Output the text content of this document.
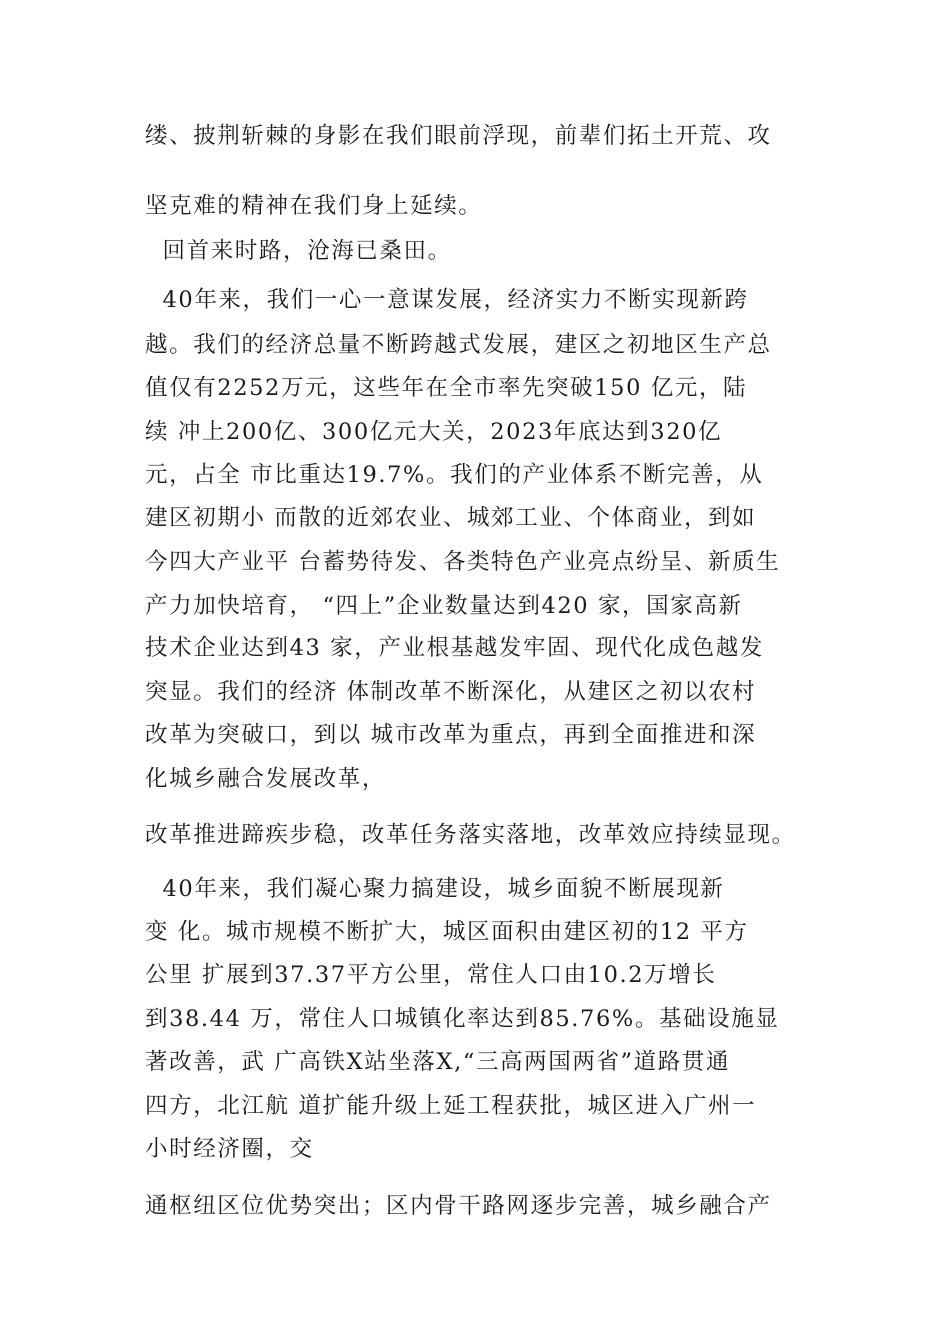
缕、披荆斩棘的身影在我们眼前浮现，前辈们拓土开荒、攻

坚克难的精神在我们身上延续。

回首来时路，沧海已桑田。

40年来，我们一心一意谋发展，经济实力不断实现新跨

越。我们的经济总量不断跨越式发展，建区之初地区生产总

值仅有2252万元，这些年在全市率先突破150 亿元，陆

续 冲上200亿、300亿元大关，2023年底达到320亿

元，占全 市比重达19.7%。我们的产业体系不断完善，从

建区初期小 而散的近郊农业、城郊工业、个体商业，到如

今四大产业平 台蓄势待发、各类特色产业亮点纷呈、新质生

产力加快培育， “四上”企业数量达到420 家，国家高新

技术企业达到43 家，产业根基越发牢固、现代化成色越发

突显。我们的经济 体制改革不断深化，从建区之初以农村

改革为突破口，到以 城市改革为重点，再到全面推进和深

化城乡融合发展改革，

改革推进蹄疾步稳，改革任务落实落地，改革效应持续显现。

40年来，我们凝心聚力搞建设，城乡面貌不断展现新

变 化。城市规模不断扩大，城区面积由建区初的12 平方

公里 扩展到37.37平方公里，常住人口由10.2万增长

到38.44 万，常住人口城镇化率达到85.76%。基础设施显

著改善，武 广高铁X站坐落X,“三高两国两省”道路贯通

四方，北江航 道扩能升级上延工程获批，城区进入广州一

小时经济圈，交

通枢纽区位优势突出；区内骨干路网逐步完善，城乡融合产
